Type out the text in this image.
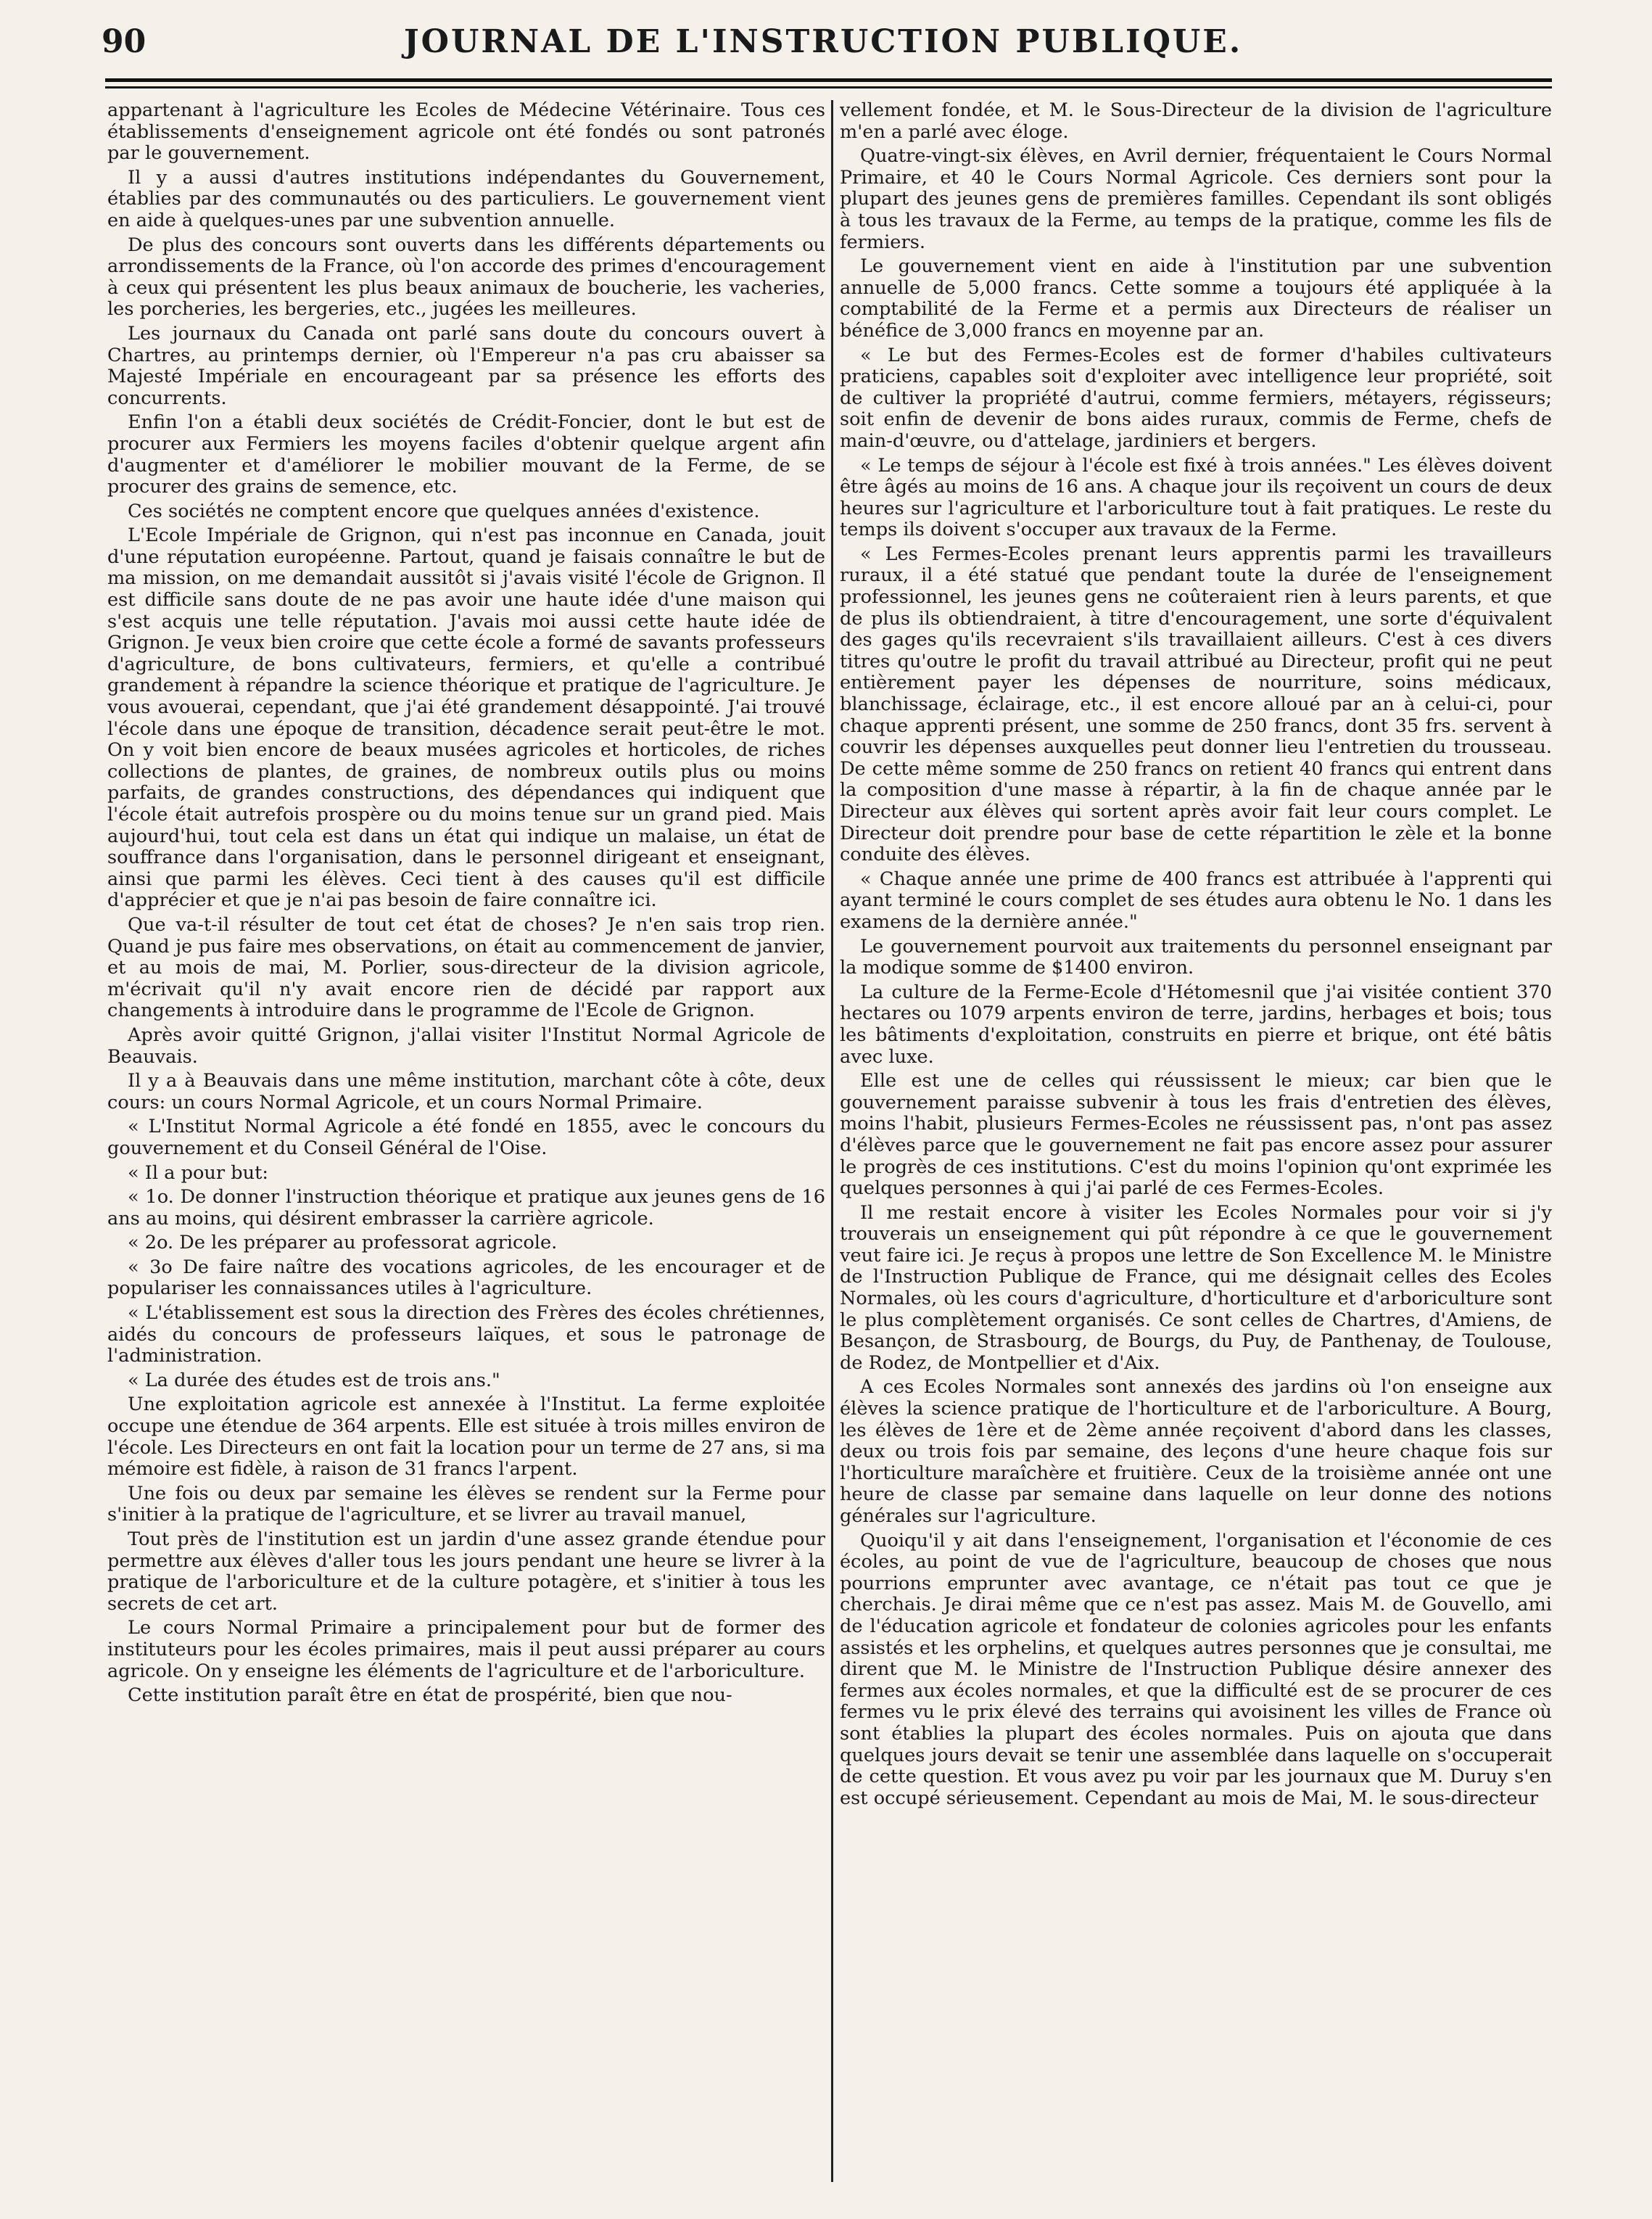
90	JOURNAL DE L'INSTRUCTION PUBLIQUE.

appartenant à l'agriculture les Ecoles de Médecine Vétérinaire. Tous ces établissements d'enseignement agricole ont été fondés ou sont patronés par le gouvernement.

Il y a aussi d'autres institutions indépendantes du Gouvernement, établies par des communautés ou des particuliers. Le gouvernement vient en aide à quelques-unes par une subvention annuelle.

De plus des concours sont ouverts dans les différents départements ou arrondissements de la France, où l'on accorde des primes d'encouragement à ceux qui présentent les plus beaux animaux de boucherie, les vacheries, les porcheries, les bergeries, etc., jugées les meilleures.

Les journaux du Canada ont parlé sans doute du concours ouvert à Chartres, au printemps dernier, où l'Empereur n'a pas cru abaisser sa Majesté Impériale en encourageant par sa présence les efforts des concurrents.

Enfin l'on a établi deux sociétés de Crédit-Foncier, dont le but est de procurer aux Fermiers les moyens faciles d'obtenir quelque argent afin d'augmenter et d'améliorer le mobilier mouvant de la Ferme, de se procurer des grains de semence, etc.

Ces sociétés ne comptent encore que quelques années d'existence.

L'Ecole Impériale de Grignon, qui n'est pas inconnue en Canada, jouit d'une réputation européenne. Partout, quand je faisais connaître le but de ma mission, on me demandait aussitôt si j'avais visité l'école de Grignon. Il est difficile sans doute de ne pas avoir une haute idée d'une maison qui s'est acquis une telle réputation. J'avais moi aussi cette haute idée de Grignon. Je veux bien croire que cette école a formé de savants professeurs d'agriculture, de bons cultivateurs, fermiers, et qu'elle a contribué grandement à répandre la science théorique et pratique de l'agriculture. Je vous avouerai, cependant, que j'ai été grandement désappointé. J'ai trouvé l'école dans une époque de transition, décadence serait peut-être le mot. On y voit bien encore de beaux musées agricoles et horticoles, de riches collections de plantes, de graines, de nombreux outils plus ou moins parfaits, de grandes constructions, des dépendances qui indiquent que l'école était autrefois prospère ou du moins tenue sur un grand pied. Mais aujourd'hui, tout cela est dans un état qui indique un malaise, un état de souffrance dans l'organisation, dans le personnel dirigeant et enseignant, ainsi que parmi les élèves. Ceci tient à des causes qu'il est difficile d'apprécier et que je n'ai pas besoin de faire connaître ici.

Que va-t-il résulter de tout cet état de choses? Je n'en sais trop rien. Quand je pus faire mes observations, on était au commencement de janvier, et au mois de mai, M. Porlier, sous-directeur de la division agricole, m'écrivait qu'il n'y avait encore rien de décidé par rapport aux changements à introduire dans le programme de l'Ecole de Grignon.

Après avoir quitté Grignon, j'allai visiter l'Institut Normal Agricole de Beauvais.

Il y a à Beauvais dans une même institution, marchant côte à côte, deux cours: un cours Normal Agricole, et un cours Normal Primaire.

« L'Institut Normal Agricole a été fondé en 1855, avec le concours du gouvernement et du Conseil Général de l'Oise.

« Il a pour but:

« 1o. De donner l'instruction théorique et pratique aux jeunes gens de 16 ans au moins, qui désirent embrasser la carrière agricole.

« 2o. De les préparer au professorat agricole.

« 3o De faire naître des vocations agricoles, de les encourager et de populariser les connaissances utiles à l'agriculture.

« L'établissement est sous la direction des Frères des écoles chrétiennes, aidés du concours de professeurs laïques, et sous le patronage de l'administration.

« La durée des études est de trois ans."

Une exploitation agricole est annexée à l'Institut. La ferme exploitée occupe une étendue de 364 arpents. Elle est située à trois milles environ de l'école. Les Directeurs en ont fait la location pour un terme de 27 ans, si ma mémoire est fidèle, à raison de 31 francs l'arpent.

Une fois ou deux par semaine les élèves se rendent sur la Ferme pour s'initier à la pratique de l'agriculture, et se livrer au travail manuel,

Tout près de l'institution est un jardin d'une assez grande étendue pour permettre aux élèves d'aller tous les jours pendant une heure se livrer à la pratique de l'arboriculture et de la culture potagère, et s'initier à tous les secrets de cet art.

Le cours Normal Primaire a principalement pour but de former des instituteurs pour les écoles primaires, mais il peut aussi préparer au cours agricole. On y enseigne les éléments de l'agriculture et de l'arboriculture.

Cette institution paraît être en état de prospérité, bien que nou-

vellement fondée, et M. le Sous-Directeur de la division de l'agriculture m'en a parlé avec éloge.

Quatre-vingt-six élèves, en Avril dernier, fréquentaient le Cours Normal Primaire, et 40 le Cours Normal Agricole. Ces derniers sont pour la plupart des jeunes gens de premières familles. Cependant ils sont obligés à tous les travaux de la Ferme, au temps de la pratique, comme les fils de fermiers.

Le gouvernement vient en aide à l'institution par une subvention annuelle de 5,000 francs. Cette somme a toujours été appliquée à la comptabilité de la Ferme et a permis aux Directeurs de réaliser un bénéfice de 3,000 francs en moyenne par an.

« Le but des Fermes-Ecoles est de former d'habiles cultivateurs praticiens, capables soit d'exploiter avec intelligence leur propriété, soit de cultiver la propriété d'autrui, comme fermiers, métayers, régisseurs; soit enfin de devenir de bons aides ruraux, commis de Ferme, chefs de main-d'œuvre, ou d'attelage, jardiniers et bergers.

« Le temps de séjour à l'école est fixé à trois années." Les élèves doivent être âgés au moins de 16 ans. A chaque jour ils reçoivent un cours de deux heures sur l'agriculture et l'arboriculture tout à fait pratiques. Le reste du temps ils doivent s'occuper aux travaux de la Ferme.

« Les Fermes-Ecoles prenant leurs apprentis parmi les travailleurs ruraux, il a été statué que pendant toute la durée de l'enseignement professionnel, les jeunes gens ne coûteraient rien à leurs parents, et que de plus ils obtiendraient, à titre d'encouragement, une sorte d'équivalent des gages qu'ils recevraient s'ils travaillaient ailleurs. C'est à ces divers titres qu'outre le profit du travail attribué au Directeur, profit qui ne peut entièrement payer les dépenses de nourriture, soins médicaux, blanchissage, éclairage, etc., il est encore alloué par an à celui-ci, pour chaque apprenti présent, une somme de 250 francs, dont 35 frs. servent à couvrir les dépenses auxquelles peut donner lieu l'entretien du trousseau. De cette même somme de 250 francs on retient 40 francs qui entrent dans la composition d'une masse à répartir, à la fin de chaque année par le Directeur aux élèves qui sortent après avoir fait leur cours complet. Le Directeur doit prendre pour base de cette répartition le zèle et la bonne conduite des élèves.

« Chaque année une prime de 400 francs est attribuée à l'apprenti qui ayant terminé le cours complet de ses études aura obtenu le No. 1 dans les examens de la dernière année."

Le gouvernement pourvoit aux traitements du personnel enseignant par la modique somme de $1400 environ.

La culture de la Ferme-Ecole d'Hétomesnil que j'ai visitée contient 370 hectares ou 1079 arpents environ de terre, jardins, herbages et bois; tous les bâtiments d'exploitation, construits en pierre et brique, ont été bâtis avec luxe.

Elle est une de celles qui réussissent le mieux; car bien que le gouvernement paraisse subvenir à tous les frais d'entretien des élèves, moins l'habit, plusieurs Fermes-Ecoles ne réussissent pas, n'ont pas assez d'élèves parce que le gouvernement ne fait pas encore assez pour assurer le progrès de ces institutions. C'est du moins l'opinion qu'ont exprimée les quelques personnes à qui j'ai parlé de ces Fermes-Ecoles.

Il me restait encore à visiter les Ecoles Normales pour voir si j'y trouverais un enseignement qui pût répondre à ce que le gouvernement veut faire ici. Je reçus à propos une lettre de Son Excellence M. le Ministre de l'Instruction Publique de France, qui me désignait celles des Ecoles Normales, où les cours d'agriculture, d'horticulture et d'arboriculture sont le plus complètement organisés. Ce sont celles de Chartres, d'Amiens, de Besançon, de Strasbourg, de Bourgs, du Puy, de Panthenay, de Toulouse, de Rodez, de Montpellier et d'Aix.

A ces Ecoles Normales sont annexés des jardins où l'on enseigne aux élèves la science pratique de l'horticulture et de l'arboriculture. A Bourg, les élèves de 1ère et de 2ème année reçoivent d'abord dans les classes, deux ou trois fois par semaine, des leçons d'une heure chaque fois sur l'horticulture maraîchère et fruitière. Ceux de la troisième année ont une heure de classe par semaine dans laquelle on leur donne des notions générales sur l'agriculture.

Quoiqu'il y ait dans l'enseignement, l'organisation et l'économie de ces écoles, au point de vue de l'agriculture, beaucoup de choses que nous pourrions emprunter avec avantage, ce n'était pas tout ce que je cherchais. Je dirai même que ce n'est pas assez. Mais M. de Gouvello, ami de l'éducation agricole et fondateur de colonies agricoles pour les enfants assistés et les orphelins, et quelques autres personnes que je consultai, me dirent que M. le Ministre de l'Instruction Publique désire annexer des fermes aux écoles normales, et que la difficulté est de se procurer de ces fermes vu le prix élevé des terrains qui avoisinent les villes de France où sont établies la plupart des écoles normales. Puis on ajouta que dans quelques jours devait se tenir une assemblée dans laquelle on s'occuperait de cette question. Et vous avez pu voir par les journaux que M. Duruy s'en est occupé sérieusement. Cependant au mois de Mai, M. le sous-directeur
